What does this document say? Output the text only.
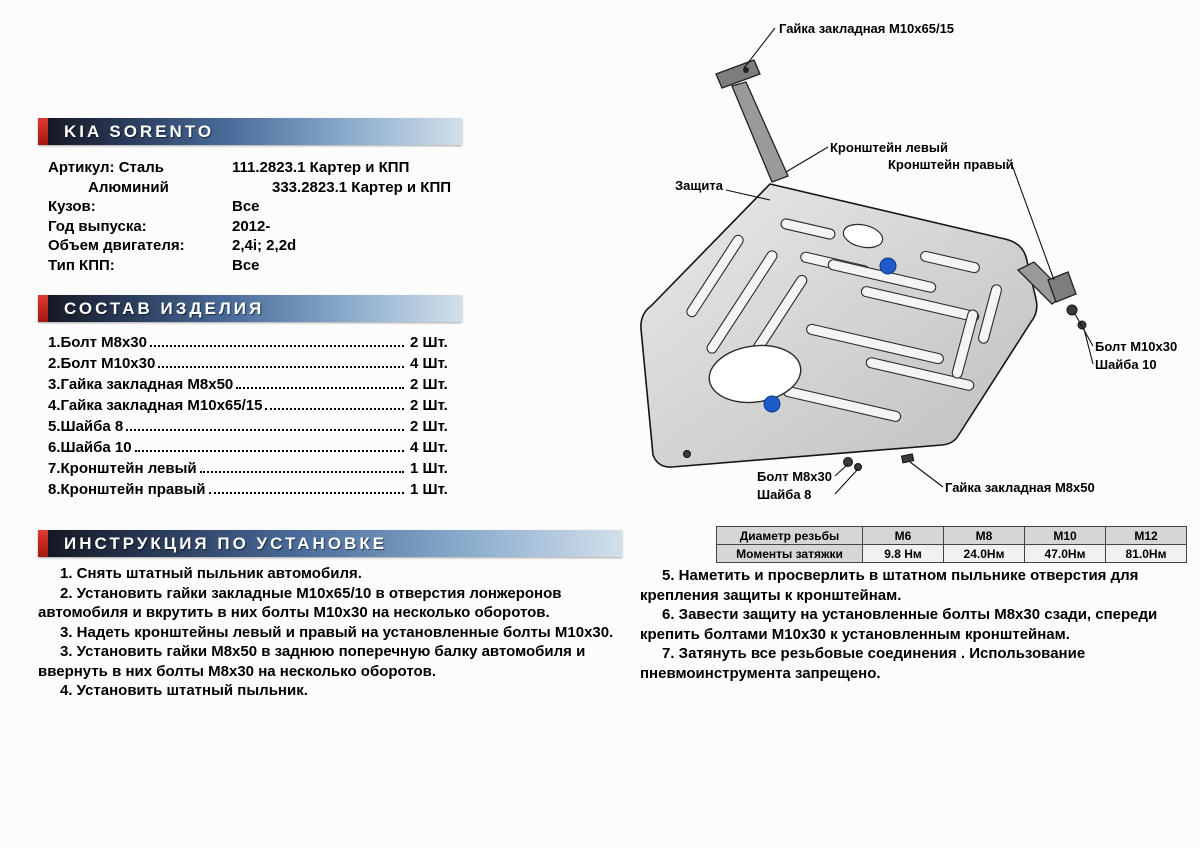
KIA SORENTO
Артикул: Сталь	111.2823.1 Картер и КПП
Алюминий	333.2823.1 Картер и КПП
Кузов:	Все
Год выпуска:	2012-
Объем двигателя:	2,4i; 2,2d
Тип КПП:	Все
СОСТАВ ИЗДЕЛИЯ
1.Болт М8х30	2 Шт.
2.Болт М10х30	4 Шт.
3.Гайка закладная М8х50	2 Шт.
4.Гайка закладная М10х65/15	2 Шт.
5.Шайба 8	2 Шт.
6.Шайба 10	4 Шт.
7.Кронштейн левый	1 Шт.
8.Кронштейн правый	1 Шт.
ИНСТРУКЦИЯ ПО УСТАНОВКЕ

1. Снять штатный пыльник автомобиля.

2. Установить гайки закладные М10х65/10 в отверстия лонжеронов автомобиля и вкрутить в них болты М10х30 на несколько оборотов.

3. Надеть кронштейны левый и правый на установленные болты М10х30.

3. Установить гайки М8х50 в заднюю поперечную балку автомобиля и ввернуть в них болты М8х30 на несколько оборотов.

4. Установить штатный пыльник.

5. Наметить и просверлить в штатном пыльнике отверстия для крепления защиты к кронштейнам.

6. Завести защиту на установленные болты М8х30 сзади, спереди крепить болтами М10х30 к установленным кронштейнам.

7. Затянуть все резьбовые соединения . Использование пневмоинструмента запрещено.

Диаметр резьбы	М6	М8	М10	М12
Моменты затяжки	9.8 Нм	24.0Нм	47.0Нм	81.0Нм
Гайка закладная М10х65/15
Кронштейн левый
Кронштейн правый
Защита
Болт М10х30
Шайба 10
Болт М8х30
Шайба 8	Гайка закладная М8х50
